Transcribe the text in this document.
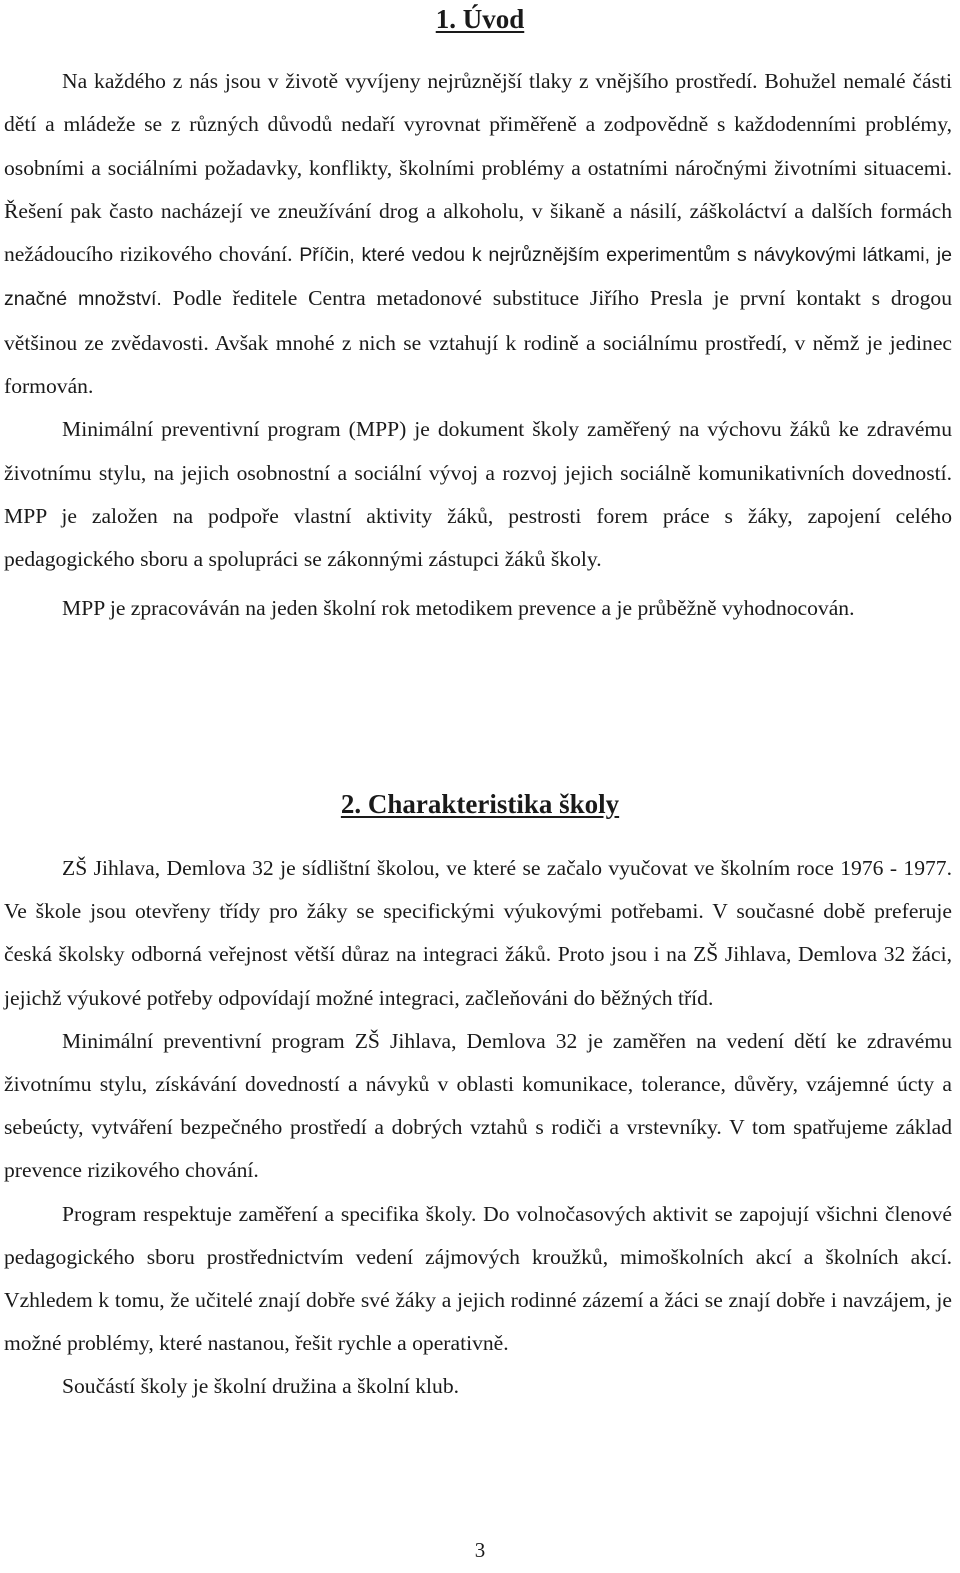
1. Úvod

Na každého z nás jsou v životě vyvíjeny nejrůznější tlaky z vnějšího prostředí. Bohužel nemalé části dětí a mládeže se z různých důvodů nedaří vyrovnat přiměřeně a zodpovědně s každodenními problémy, osobními a sociálními požadavky, konflikty, školními problémy a ostatními náročnými životními situacemi. Řešení pak často nacházejí ve zneužívání drog a alkoholu, v šikaně a násilí, záškoláctví a dalších formách nežádoucího rizikového chování. Příčin, které vedou k nejrůznějším experimentům s návykovými látkami, je značné množství. Podle ředitele Centra metadonové substituce Jiřího Presla je první kontakt s drogou většinou ze zvědavosti. Avšak mnohé z nich se vztahují k rodině a sociálnímu prostředí, v němž je jedinec formován.

Minimální preventivní program (MPP) je dokument školy zaměřený na výchovu žáků ke zdravému životnímu stylu, na jejich osobnostní a sociální vývoj a rozvoj jejich sociálně komunikativních dovedností. MPP je založen na podpoře vlastní aktivity žáků, pestrosti forem práce s žáky, zapojení celého pedagogického sboru a spolupráci se zákonnými zástupci žáků školy.

MPP je zpracováván na jeden školní rok metodikem prevence a je průběžně vyhodnocován.

2. Charakteristika školy

ZŠ Jihlava, Demlova 32 je sídlištní školou, ve které se začalo vyučovat ve školním roce 1976 - 1977. Ve škole jsou otevřeny třídy pro žáky se specifickými výukovými potřebami. V současné době preferuje česká školsky odborná veřejnost větší důraz na integraci žáků. Proto jsou i na ZŠ Jihlava, Demlova 32 žáci, jejichž výukové potřeby odpovídají možné integraci, začleňováni do běžných tříd.

Minimální preventivní program ZŠ Jihlava, Demlova 32 je zaměřen na vedení dětí ke zdravému životnímu stylu, získávání dovedností a návyků v oblasti komunikace, tolerance, důvěry, vzájemné úcty a sebeúcty, vytváření bezpečného prostředí a dobrých vztahů s rodiči a vrstevníky. V tom spatřujeme základ prevence rizikového chování.

Program respektuje zaměření a specifika školy. Do volnočasových aktivit se zapojují všichni členové pedagogického sboru prostřednictvím vedení zájmových kroužků, mimoškolních akcí a školních akcí. Vzhledem k tomu, že učitelé znají dobře své žáky a jejich rodinné zázemí a žáci se znají dobře i navzájem, je možné problémy, které nastanou, řešit rychle a operativně.

Součástí školy je školní družina a školní klub.

3
